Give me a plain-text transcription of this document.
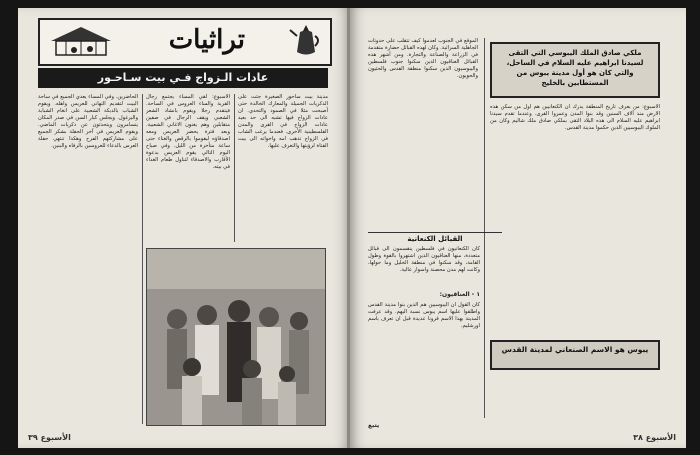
تراثيات
عادات الـزواج فـي بيت سـاحـور
الحاضرين. وفي المساء يعدي الجميع في ساحة البيت لتقديم التهاني للعريس واهله. ويقوم الشباب بالدبكة الشعبية على انغام الشبابة واليرغول. ويجلس كبار السن في صدر المكان يتسامرون ويتحدثون عن ذكريات الماضي. ويقوم العريس في آخر الحفلة بشكر الجميع على مشاركتهم الفرح وهكذا تنتهي حفلة العرس بالدعاء للعروسين بالرفاه والبنين.
الاسبوع: لقي المساء يجتمع رجال القرية والساء العروس في الساحة. فيتقدم رجلا ويقوم بانشاد الشعر الشعبي ويقف الرجال في صفين متقابلين وهم يغنون الاغاني الشعبية. وبعد فترة يحضر العريس ومعه اصدقاؤه ليقوموا بالرقص والغناء حتى ساعة متأخرة من الليل. وفي صباح اليوم التالي يقوم العريس بدعوة الأقارب والاصدقاء لتناول طعام الغداء في بيته.
مدينة بيت ساحور الصغيرة جثت على الذكريات الجميلة والمعارك الخالدة حتى أصبحت مثلا في الصمود والتحدي. ان عادات الزواج فيها تشبه الى حد بعيد عادات الزواج في القرى والمدن الفلسطينية الأخرى. فعندما يرغب الشاب في الزواج تذهب امه واخواته الى بيت الفتاة لرؤيتها والتعرف عليها.
الأسبوع ٣٩
الموقع في الجنوب لعدموا كيف تتقلب على حدوتات الجاهلية السرائية. وكان لهذه القبائل حضارة متقدمة في الزراعة والصناعة والتجارة. ومن أشهر هذه القبائل العناقيون الذين سكنوا جنوب فلسطين واليبوسيون الذين سكنوا منطقة القدس والحثيون والحويون.
ملكي صادق الملك اليبوسي التي التقى لسيدنا ابراهيم عليه السلام في الساحل، والتي كان هو أول مدينة يبوس من المستطابين بالخليج
الاسبوع: من يعرف تاريخ المنطقة يدرك ان الكنعانيين هم اول من سكن هذه الارض منذ آلاف السنين وقد بنوا المدن وعمروا القرى. وعندما تقدم سيدنا ابراهيم عليه السلام الى هذه البلاد التقى بملكي صادق ملك شاليم وكان من الملوك اليبوسيين الذين حكموا مدينة القدس.
القبائل الكنعانية
كان الكنعانيون في فلسطين ينقسمون الى قبائل متعددة، منها العناقيون الذين اشتهروا بالقوة وطول القامة، وقد سكنوا في منطقة الخليل وما حولها، وكانت لهم مدن محصنة واسوار عالية.
١ - العناقيون:
كان القول ان اليبوسيين هم الذين بنوا مدينة القدس واطلقوا عليها اسم يبوس نسبة اليهم. وقد عرفت المدينة بهذا الاسم قرونا عديدة قبل ان تعرف باسم اورشليم.
يتبع
يبوس هو الاسم الصنعاني لمدينة القدس
الأسبوع ٣٨
